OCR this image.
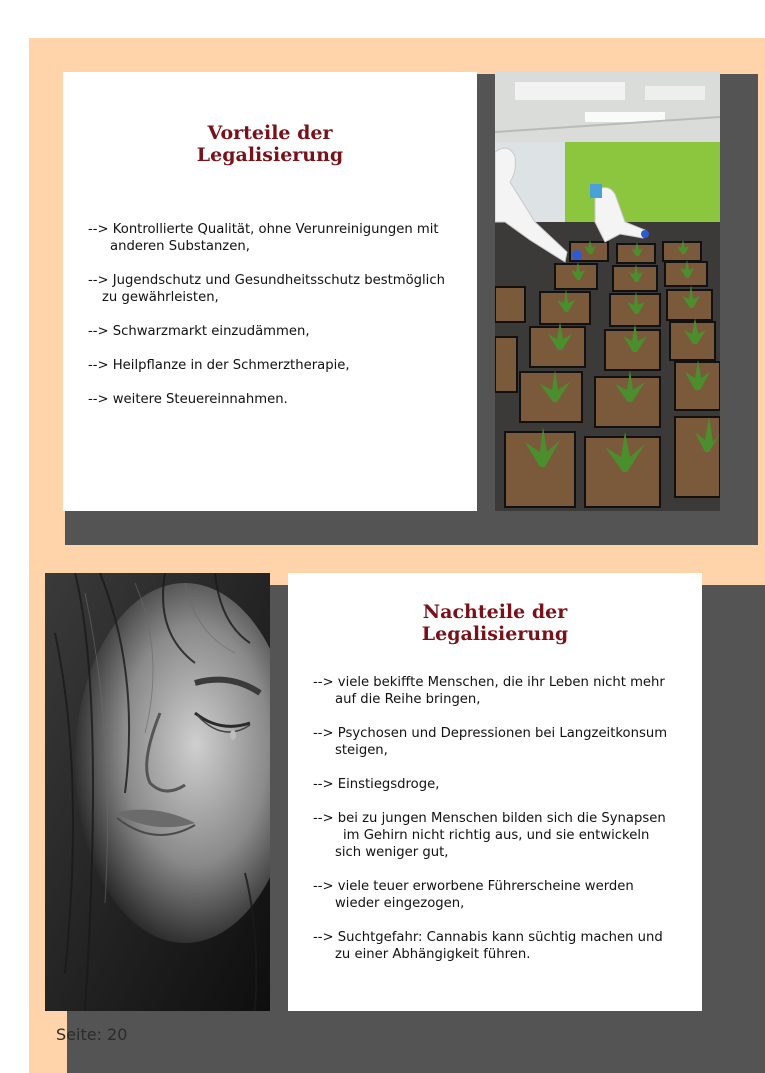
Vorteile der
Legalisierung
--> Kontrollierte Qualität, ohne Verunreinigungen mit
anderen Substanzen,
--> Jugendschutz und Gesundheitsschutz bestmöglich
zu gewährleisten,
--> Schwarzmarkt einzudämmen,
--> Heilpflanze in der Schmerztherapie,
--> weitere Steuereinnahmen.
Nachteile der
Legalisierung
--> viele bekiffte Menschen, die ihr Leben nicht mehr
auf die Reihe bringen,
--> Psychosen und Depressionen bei Langzeitkonsum
steigen,
--> Einstiegsdroge,
--> bei zu jungen Menschen bilden sich die Synapsen
im Gehirn nicht richtig aus, und sie entwickeln
sich weniger gut,
--> viele teuer erworbene Führerscheine werden
wieder eingezogen,
--> Suchtgefahr: Cannabis kann süchtig machen und
zu einer Abhängigkeit führen.
Seite: 20
